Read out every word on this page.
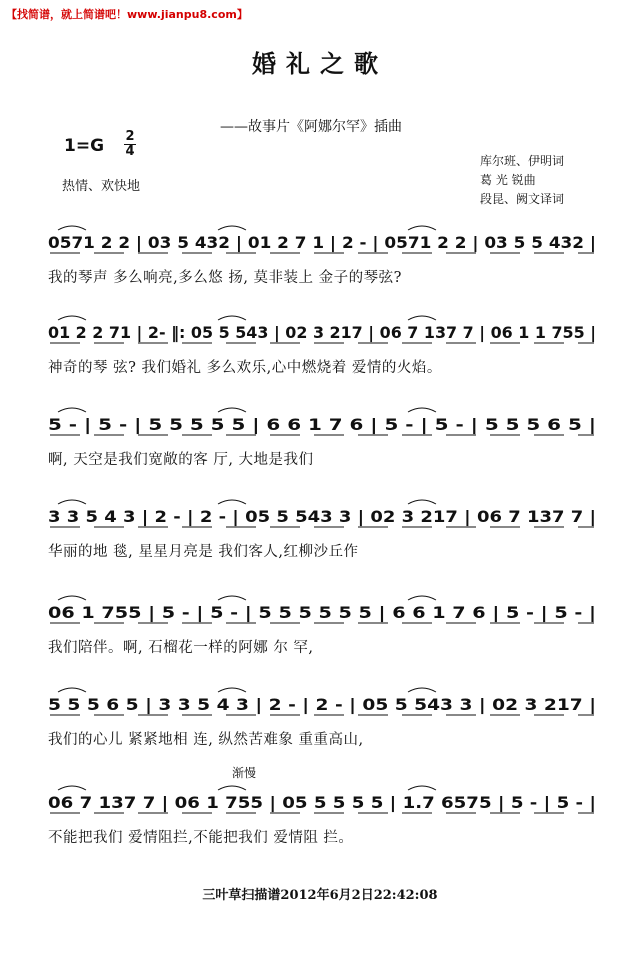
【找简谱，就上简谱吧！www.jianpu8.com】
婚礼之歌
——故事片《阿娜尔罕》插曲
1=G 2
4
热情、欢快地
库尔班、伊明词
葛 光 锐曲
段昆、阙文译词
渐慢
0571 2 2 | 03 5 432 | 01 2 7 1 | 2 - | 0571 2 2 | 03 5 5 432 |
我的琴声 多么响亮,多么悠 扬, 莫非装上 金子的琴弦?
01 2 2 71 | 2- ‖: 05 5 543 | 02 3 217 | 06 7 137 7 | 06 1 1 755 |
神奇的琴 弦? 我们婚礼 多么欢乐,心中燃烧着 爱情的火焰。
5 - | 5 - | 5 5 5 5 5 | 6 6 1 7 6 | 5 - | 5 - | 5 5 5 6 5 |
啊, 天空是我们宽敞的客 厅, 大地是我们
3 3 5 4 3 | 2 - | 2 - | 05 5 543 3 | 02 3 217 | 06 7 137 7 |
华丽的地 毯, 星星月亮是 我们客人,红柳沙丘作
06 1 755 | 5 - | 5 - | 5 5 5 5 5 5 | 6 6 1 7 6 | 5 - | 5 - |
我们陪伴。啊, 石榴花一样的阿娜 尔 罕,
5 5 5 6 5 | 3 3 5 4 3 | 2 - | 2 - | 05 5 543 3 | 02 3 217 |
我们的心儿 紧紧地相 连, 纵然苦难象 重重高山,
06 7 137 7 | 06 1 755 | 05 5 5 5 5 | 1.7 6575 | 5 - | 5 - |
不能把我们 爱情阻拦,不能把我们 爱情阻 拦。
三叶草扫描谱2012年6月2日22:42:08
